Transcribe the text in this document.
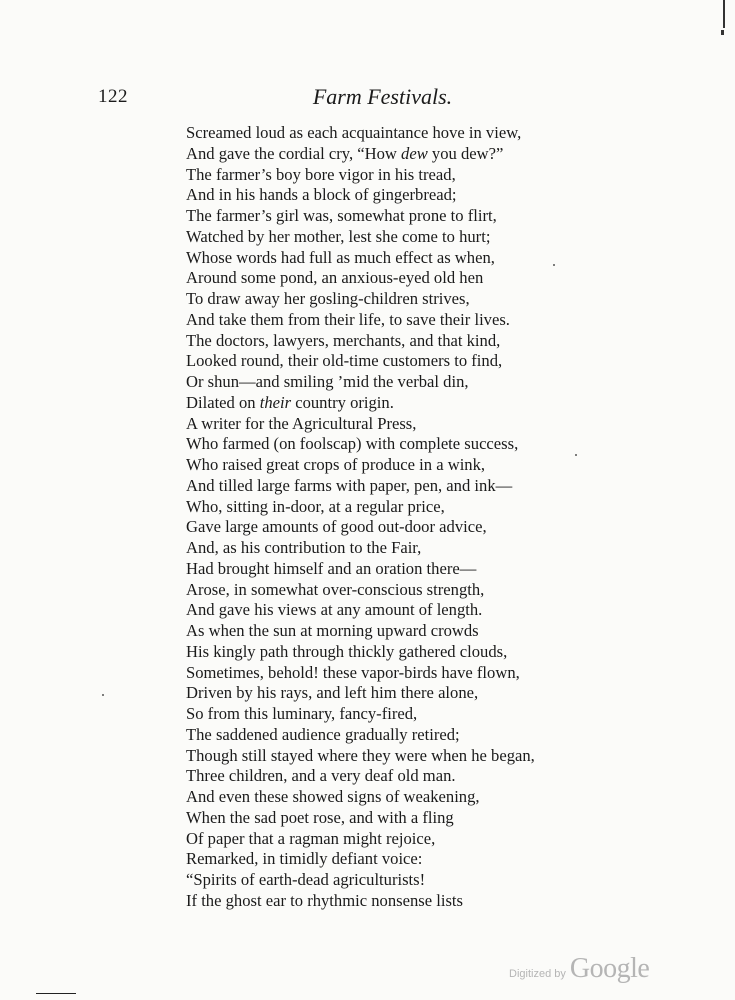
122	Farm Festivals.
Screamed loud as each acquaintance hove in view,
And gave the cordial cry, “How dew you dew?”
The farmer’s boy bore vigor in his tread,
And in his hands a block of gingerbread;
The farmer’s girl was, somewhat prone to flirt,
Watched by her mother, lest she come to hurt;
Whose words had full as much effect as when,
Around some pond, an anxious-eyed old hen
To draw away her gosling-children strives,
And take them from their life, to save their lives.
The doctors, lawyers, merchants, and that kind,
Looked round, their old-time customers to find,
Or shun—and smiling ’mid the verbal din,
Dilated on their country origin.
A writer for the Agricultural Press,
Who farmed (on foolscap) with complete success,
Who raised great crops of produce in a wink,
And tilled large farms with paper, pen, and ink—
Who, sitting in-door, at a regular price,
Gave large amounts of good out-door advice,
And, as his contribution to the Fair,
Had brought himself and an oration there—
Arose, in somewhat over-conscious strength,
And gave his views at any amount of length.
As when the sun at morning upward crowds
His kingly path through thickly gathered clouds,
Sometimes, behold! these vapor-birds have flown,
Driven by his rays, and left him there alone,
So from this luminary, fancy-fired,
The saddened audience gradually retired;
Though still stayed where they were when he began,
Three children, and a very deaf old man.
And even these showed signs of weakening,
When the sad poet rose, and with a fling
Of paper that a ragman might rejoice,
Remarked, in timidly defiant voice:
“Spirits of earth-dead agriculturists!
If the ghost ear to rhythmic nonsense lists
Digitized by Google
